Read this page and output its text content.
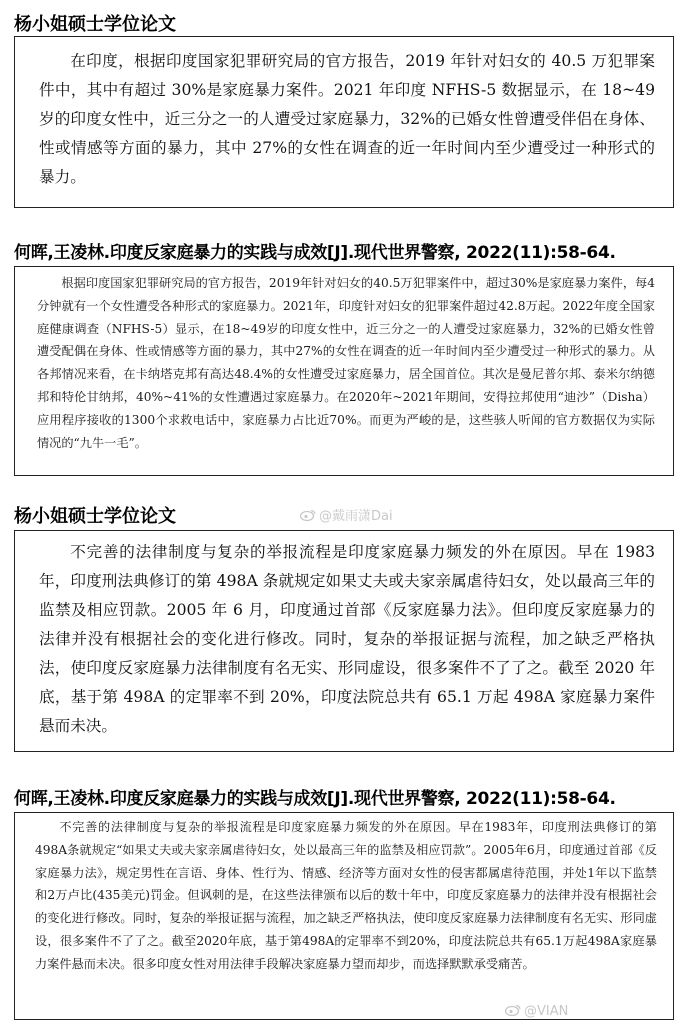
杨小姐硕士学位论文

在印度，根据印度国家犯罪研究局的官方报告，2019 年针对妇女的 40.5 万犯罪案件中，其中有超过 30%是家庭暴力案件。2021 年印度 NFHS-5 数据显示，在 18~49 岁的印度女性中，近三分之一的人遭受过家庭暴力，32%的已婚女性曾遭受伴侣在身体、性或情感等方面的暴力，其中 27%的女性在调查的近一年时间内至少遭受过一种形式的暴力。

何晖,王凌林.印度反家庭暴力的实践与成效[J].现代世界警察, 2022(11):58-64.

根据印度国家犯罪研究局的官方报告，2019年针对妇女的40.5万犯罪案件中，超过30%是家庭暴力案件，每4分钟就有一个女性遭受各种形式的家庭暴力。2021年，印度针对妇女的犯罪案件超过42.8万起。2022年度全国家庭健康调查（NFHS-5）显示，在18~49岁的印度女性中，近三分之一的人遭受过家庭暴力，32%的已婚女性曾遭受配偶在身体、性或情感等方面的暴力，其中27%的女性在调查的近一年时间内至少遭受过一种形式的暴力。从各邦情况来看，在卡纳塔克邦有高达48.4%的女性遭受过家庭暴力，居全国首位。其次是曼尼普尔邦、泰米尔纳德邦和特伦甘纳邦，40%~41%的女性遭遇过家庭暴力。在2020年~2021年期间，安得拉邦使用“迪沙”（Disha）应用程序接收的1300个求救电话中，家庭暴力占比近70%。而更为严峻的是，这些骇人听闻的官方数据仅为实际情况的“九牛一毛”。

杨小姐硕士学位论文

不完善的法律制度与复杂的举报流程是印度家庭暴力频发的外在原因。早在 1983 年，印度刑法典修订的第 498A 条就规定如果丈夫或夫家亲属虐待妇女，处以最高三年的监禁及相应罚款。2005 年 6 月，印度通过首部《反家庭暴力法》。但印度反家庭暴力的法律并没有根据社会的变化进行修改。同时，复杂的举报证据与流程，加之缺乏严格执法，使印度反家庭暴力法律制度有名无实、形同虚设，很多案件不了了之。截至 2020 年底，基于第 498A 的定罪率不到 20%，印度法院总共有 65.1 万起 498A 家庭暴力案件悬而未决。

何晖,王凌林.印度反家庭暴力的实践与成效[J].现代世界警察, 2022(11):58-64.

不完善的法律制度与复杂的举报流程是印度家庭暴力频发的外在原因。早在1983年，印度刑法典修订的第498A条就规定“如果丈夫或夫家亲属虐待妇女，处以最高三年的监禁及相应罚款”。2005年6月，印度通过首部《反家庭暴力法》，规定男性在言语、身体、性行为、情感、经济等方面对女性的侵害都属虐待范围，并处1年以下监禁和2万卢比(435美元)罚金。但讽刺的是，在这些法律颁布以后的数十年中，印度反家庭暴力的法律并没有根据社会的变化进行修改。同时，复杂的举报证据与流程，加之缺乏严格执法，使印度反家庭暴力法律制度有名无实、形同虚设，很多案件不了了之。截至2020年底，基于第498A的定罪率不到20%，印度法院总共有65.1万起498A家庭暴力案件悬而未决。很多印度女性对用法律手段解决家庭暴力望而却步，而选择默默承受痛苦。

@戴雨潇Dai
@VIAN
